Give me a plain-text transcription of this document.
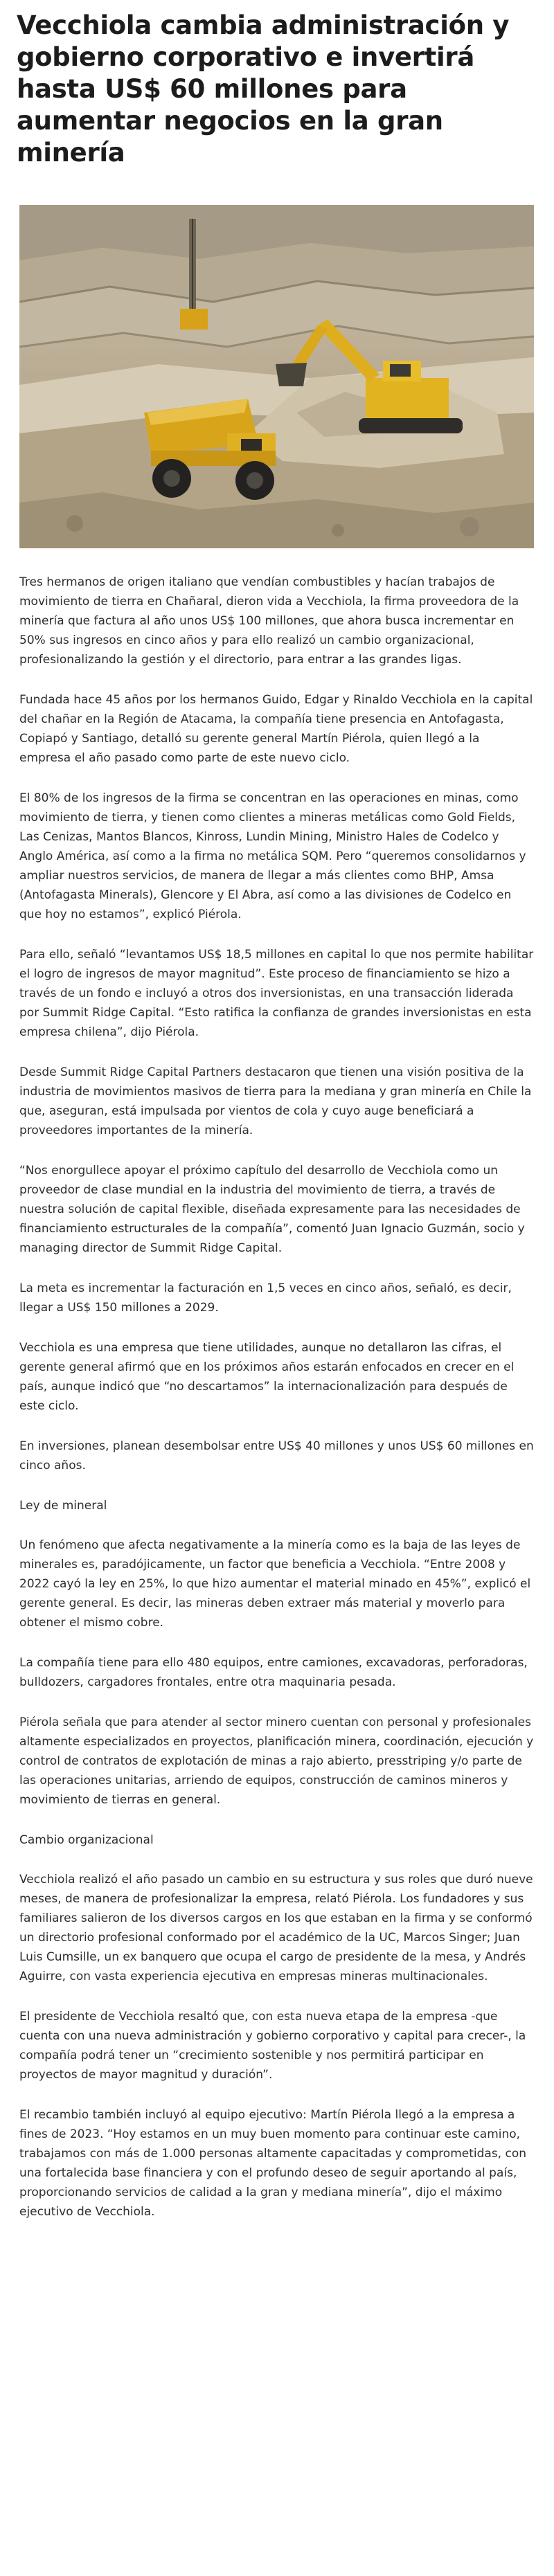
Vecchiola cambia administración y gobierno corporativo e invertirá hasta US$ 60 millones para aumentar negocios en la gran minería

Tres hermanos de origen italiano que vendían combustibles y hacían trabajos de movimiento de tierra en Chañaral, dieron vida a Vecchiola, la firma proveedora de la minería que factura al año unos US$ 100 millones, que ahora busca incrementar en 50% sus ingresos en cinco años y para ello realizó un cambio organizacional, profesionalizando la gestión y el directorio, para entrar a las grandes ligas.

Fundada hace 45 años por los hermanos Guido, Edgar y Rinaldo Vecchiola en la capital del chañar en la Región de Atacama, la compañía tiene presencia en Antofagasta, Copiapó y Santiago, detalló su gerente general Martín Piérola, quien llegó a la empresa el año pasado como parte de este nuevo ciclo.

El 80% de los ingresos de la firma se concentran en las operaciones en minas, como movimiento de tierra, y tienen como clientes a mineras metálicas como Gold Fields, Las Cenizas, Mantos Blancos, Kinross, Lundin Mining, Ministro Hales de Codelco y Anglo América, así como a la firma no metálica SQM. Pero “queremos consolidarnos y ampliar nuestros servicios, de manera de llegar a más clientes como BHP, Amsa (Antofagasta Minerals), Glencore y El Abra, así como a las divisiones de Codelco en que hoy no estamos”, explicó Piérola.

Para ello, señaló “levantamos US$ 18,5 millones en capital lo que nos permite habilitar el logro de ingresos de mayor magnitud”. Este proceso de financiamiento se hizo a través de un fondo e incluyó a otros dos inversionistas, en una transacción liderada por Summit Ridge Capital. “Esto ratifica la confianza de grandes inversionistas en esta empresa chilena”, dijo Piérola.

Desde Summit Ridge Capital Partners destacaron que tienen una visión positiva de la industria de movimientos masivos de tierra para la mediana y gran minería en Chile la que, aseguran, está impulsada por vientos de cola y cuyo auge beneficiará a proveedores importantes de la minería.

“Nos enorgullece apoyar el próximo capítulo del desarrollo de Vecchiola como un proveedor de clase mundial en la industria del movimiento de tierra, a través de nuestra solución de capital flexible, diseñada expresamente para las necesidades de financiamiento estructurales de la compañía”, comentó Juan Ignacio Guzmán, socio y managing director de Summit Ridge Capital.

La meta es incrementar la facturación en 1,5 veces en cinco años, señaló, es decir, llegar a US$ 150 millones a 2029.

Vecchiola es una empresa que tiene utilidades, aunque no detallaron las cifras, el gerente general afirmó que en los próximos años estarán enfocados en crecer en el país, aunque indicó que “no descartamos” la internacionalización para después de este ciclo.

En inversiones, planean desembolsar entre US$ 40 millones y unos US$ 60 millones en cinco años.

Ley de mineral

Un fenómeno que afecta negativamente a la minería como es la baja de las leyes de minerales es, paradójicamente, un factor que beneficia a Vecchiola. “Entre 2008 y 2022 cayó la ley en 25%, lo que hizo aumentar el material minado en 45%”, explicó el gerente general. Es decir, las mineras deben extraer más material y moverlo para obtener el mismo cobre.

La compañía tiene para ello 480 equipos, entre camiones, excavadoras, perforadoras, bulldozers, cargadores frontales, entre otra maquinaria pesada.

Piérola señala que para atender al sector minero cuentan con personal y profesionales altamente especializados en proyectos, planificación minera, coordinación, ejecución y control de contratos de explotación de minas a rajo abierto, presstriping y/o parte de las operaciones unitarias, arriendo de equipos, construcción de caminos mineros y movimiento de tierras en general.

Cambio organizacional

Vecchiola realizó el año pasado un cambio en su estructura y sus roles que duró nueve meses, de manera de profesionalizar la empresa, relató Piérola. Los fundadores y sus familiares salieron de los diversos cargos en los que estaban en la firma y se conformó un directorio profesional conformado por el académico de la UC, Marcos Singer; Juan Luis Cumsille, un ex banquero que ocupa el cargo de presidente de la mesa, y Andrés Aguirre, con vasta experiencia ejecutiva en empresas mineras multinacionales.

El presidente de Vecchiola resaltó que, con esta nueva etapa de la empresa -que cuenta con una nueva administración y gobierno corporativo y capital para crecer-, la compañía podrá tener un “crecimiento sostenible y nos permitirá participar en proyectos de mayor magnitud y duración”.

El recambio también incluyó al equipo ejecutivo: Martín Piérola llegó a la empresa a fines de 2023. “Hoy estamos en un muy buen momento para continuar este camino, trabajamos con más de 1.000 personas altamente capacitadas y comprometidas, con una fortalecida base financiera y con el profundo deseo de seguir aportando al país, proporcionando servicios de calidad a la gran y mediana minería”, dijo el máximo ejecutivo de Vecchiola.
